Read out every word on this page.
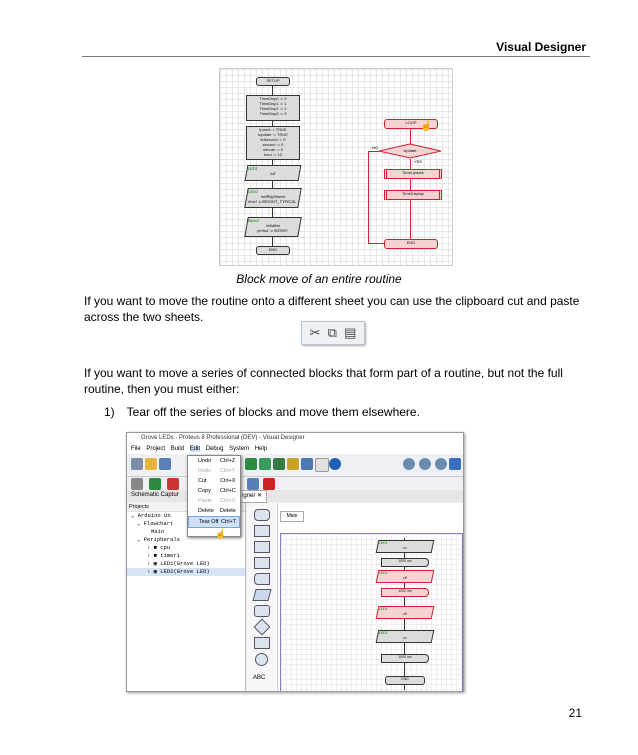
Visual Designer
SETUP
TimeDisp0 := 0
TimeDisp1 := 1
TimeDisp2 := 2
TimeDisp3 := 3
Ipunct := TRUE
Iupdate := TRUE
lefsecond := 0
second := 0
minute := 0
hour := 12
LED1
init
LED1
setBrightness
level := BRIGHT_TYPICAL
timer1
initialise
period := 500000
END
LOOP ☝
Update
NO
YES
TimeUpdate
TimeDisplay
END
Block move of an entire routine
If you want to move the routine onto a different sheet you can use the clipboard cut and paste across the two sheets.
✂ ⧉ ▤
If you want to move a series of connected blocks that form part of a routine, but not the full routine, then you must either:
1) Tear off the series of blocks and move them elsewhere.
Grove LEDs - Proteus 8 Professional (DEV) - Visual Designer
File Project Build Edit Debug System Help
Schematic Captur	igner ✕
Projects
⌄ Arduino Un
⌄ Flowchart
Main
⌄ Peripherals
› ■ cpu
› ■ timer1
› ▣ LED1(Grove LED)
› ▣ LED2(Grove LED)
ABC
Main
LED1
on
1000 ms
LED1
off
1000 ms
LED1
off
LED2
on
1000 ms
END
Undo Ctrl+Z
Redo Ctrl+Y
Cut Ctrl+X
Copy Ctrl+C
Paste Ctrl+V
Delete Delete
Tear Off Ctrl+T
☝
21
